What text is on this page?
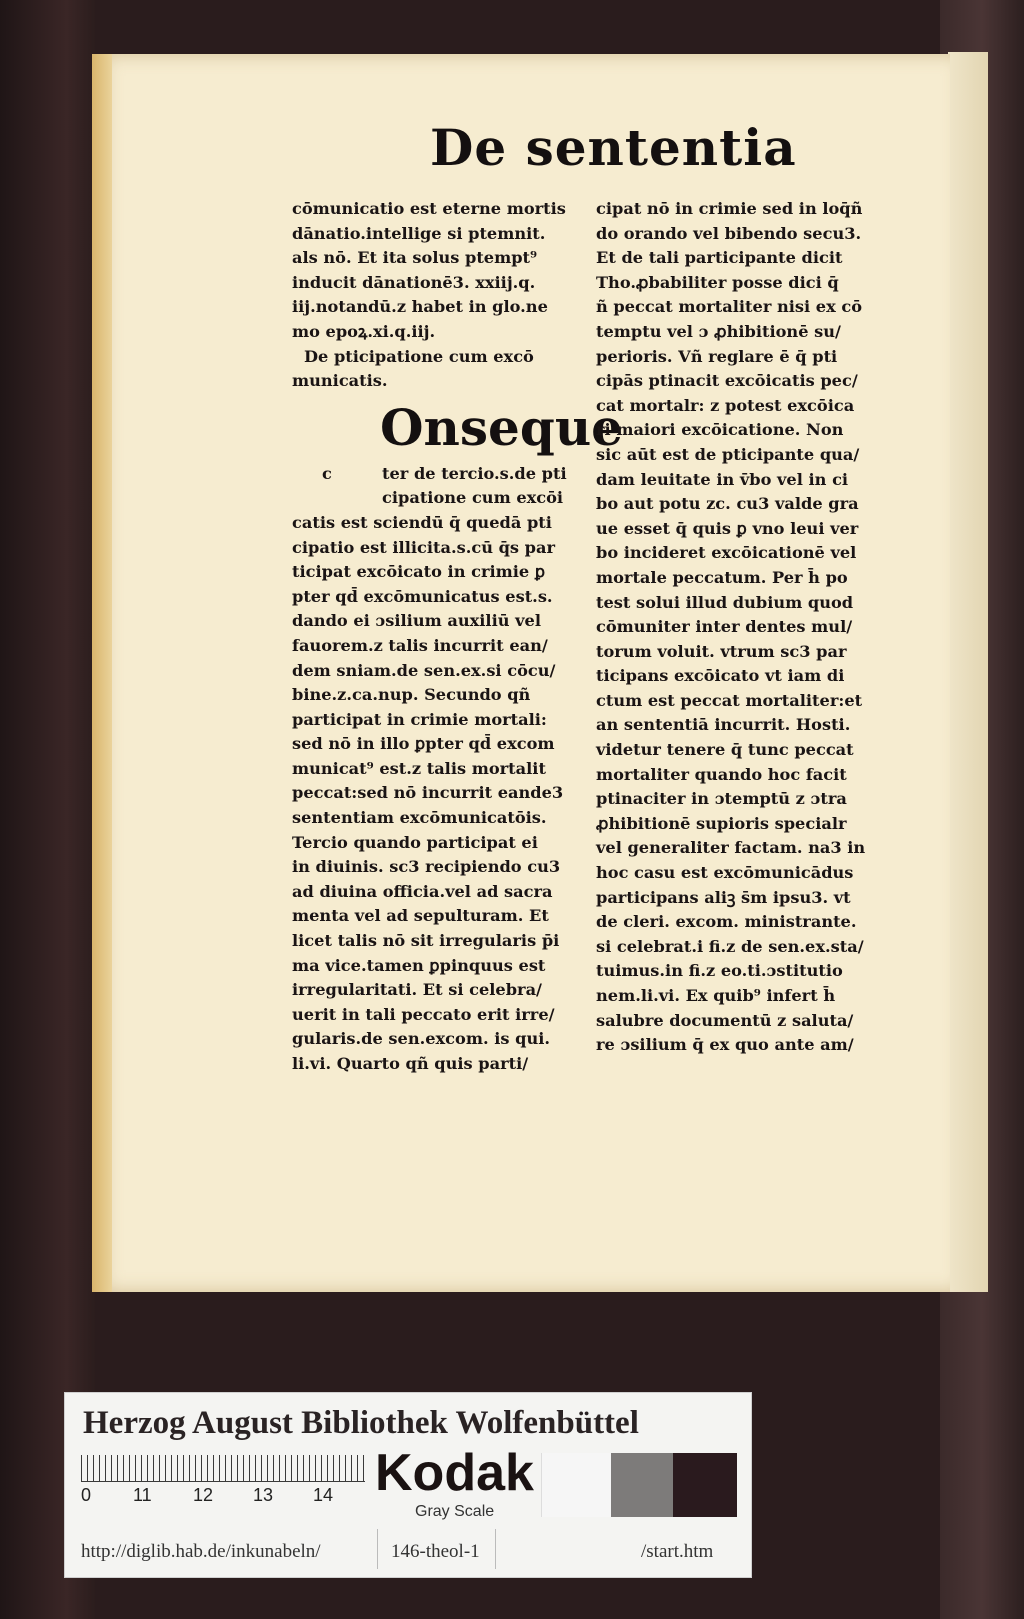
De sententia
cōmunicatio est eterne mortis
dānatio.intellige si ptemnit.
als nō. Et ita solus ptempt⁹
inducit dānationē3. xxiij.q.
iij.notandū.z habet in glo.ne
mo epoꝝ.xi.q.iij.
De pticipatione cum excō
municatis.
Onseque
c	ter de tercio.s.de pti
cipatione cum excōi
catis est sciendū q̄ quedā pti
cipatio est illicita.s.cū q̄s par
ticipat excōicato in crimie ꝑ
pter qd̄ excōmunicatus est.s.
dando ei ɔsilium auxiliū vel
fauorem.z talis incurrit ean/
dem sniam.de sen.ex.si cōcu/
bine.z.ca.nup. Secundo qñ
participat in crimie mortali:
sed nō in illo ꝑpter qd̄ excom
municat⁹ est.z talis mortalit
peccat:sed nō incurrit eande3
sententiam excōmunicatōis.
Tercio quando participat ei
in diuinis. sc3 recipiendo cu3
ad diuina officia.vel ad sacra
menta vel ad sepulturam. Et
licet talis nō sit irregularis p̄i
ma vice.tamen ꝑpinquus est
irregularitati. Et si celebra/
uerit in tali peccato erit irre/
gularis.de sen.excom. is qui.
li.vi. Quarto qñ quis parti/
cipat nō in crimie sed in loq̄ñ
do orando vel bibendo secu3.
Et de tali participante dicit
Tho.ꝓbabiliter posse dici q̄
ñ peccat mortaliter nisi ex cō
temptu vel ɔ ꝓhibitionē su/
perioris. Vñ reglare ē q̄ pti
cipās ptinacit excōicatis pec/
cat mortalr: z potest excōica
ri maiori excōicatione. Non
sic aūt est de pticipante qua/
dam leuitate in v̄bo vel in ci
bo aut potu zc. cu3 valde gra
ue esset q̄ quis ꝑ vno leui ver
bo incideret excōicationē vel
mortale peccatum. Per h̄ po
test solui illud dubium quod
cōmuniter inter dentes mul/
torum voluit. vtrum sc3 par
ticipans excōicato vt iam di
ctum est peccat mortaliter:et
an sententiā incurrit. Hosti.
videtur tenere q̄ tunc peccat
mortaliter quando hoc facit
ptinaciter in ɔtemptū z ɔtra
ꝓhibitionē supioris specialr
vel generaliter factam. na3 in
hoc casu est excōmunicādus
participans aliꝫ s̄m ipsu3. vt
de cleri. excom. ministrante.
si celebrat.i fi.z de sen.ex.sta/
tuimus.in fi.z eo.ti.ɔstitutio
nem.li.vi. Ex quib⁹ infert h̄
salubre documentū z saluta/
re ɔsilium q̄ ex quo ante am/
Herzog August Bibliothek Wolfenbüttel
0 11 12 13 14 Kodak
Gray Scale
http://diglib.hab.de/inkunabeln/	146-theol-1	/start.htm
